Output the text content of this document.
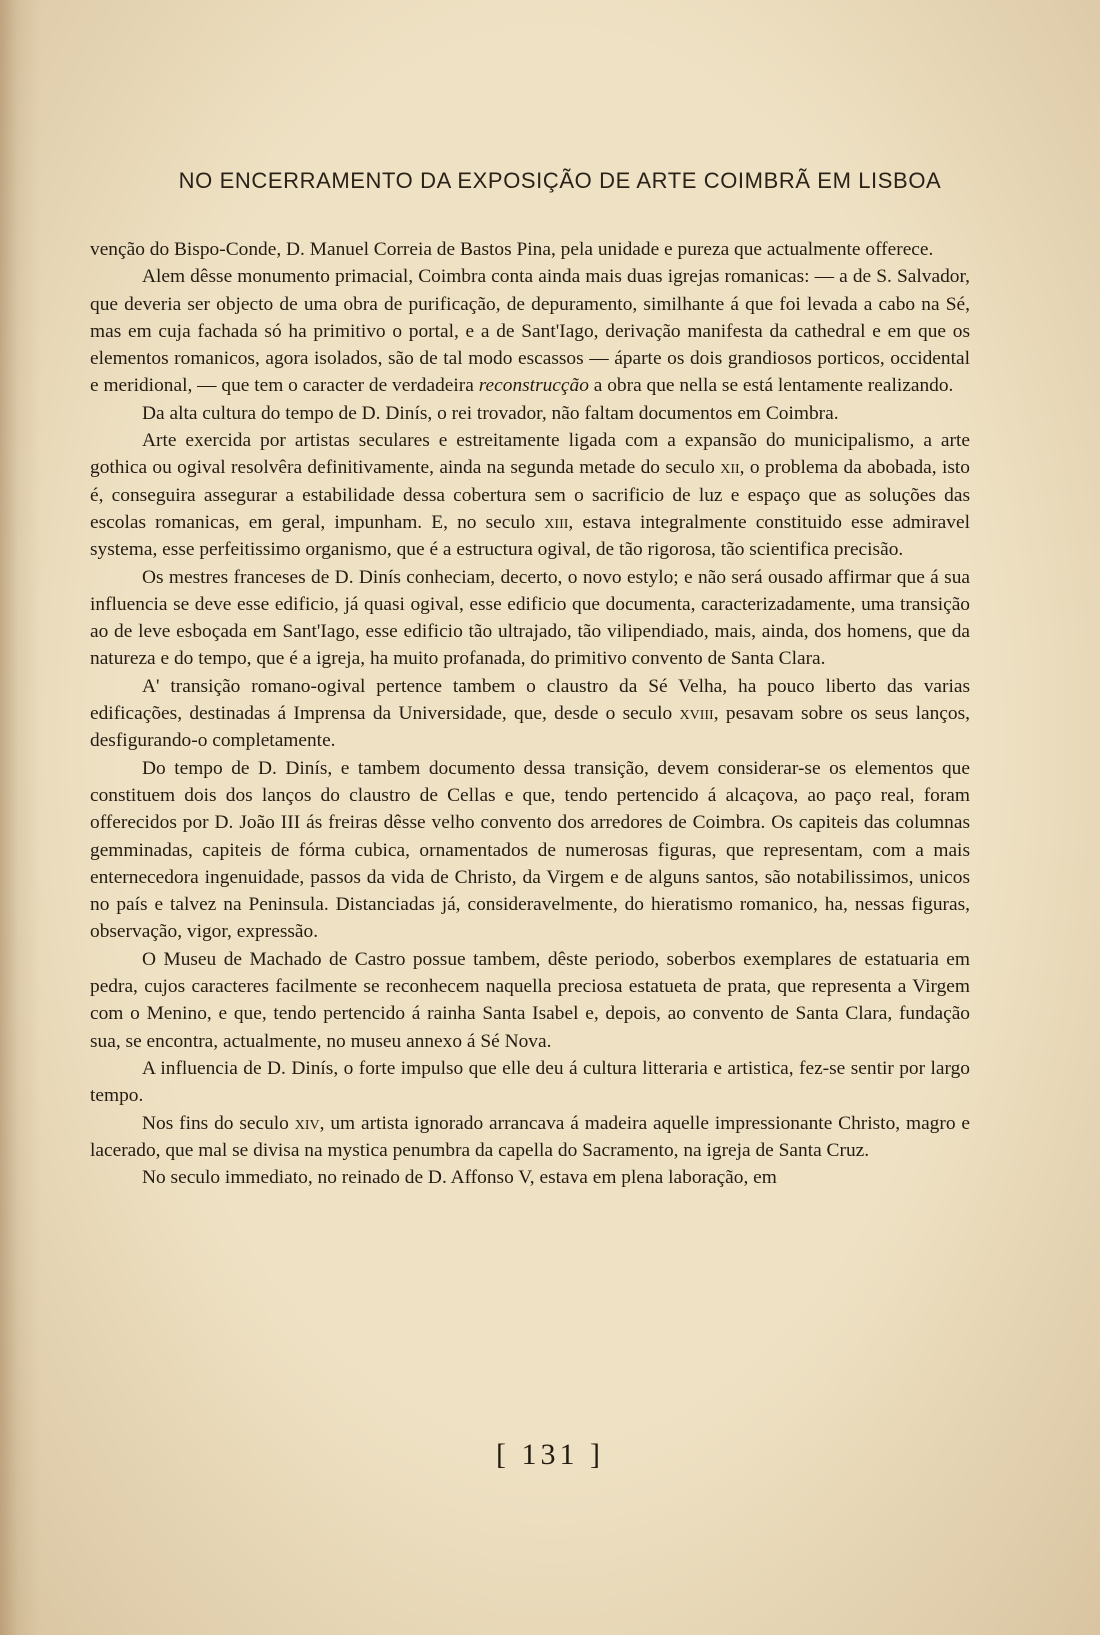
NO ENCERRAMENTO DA EXPOSIÇÃO DE ARTE COIMBRÃ EM LISBOA

venção do Bispo-Conde, D. Manuel Correia de Bastos Pina, pela unidade e pureza que actualmente offerece.

Alem dêsse monumento primacial, Coimbra conta ainda mais duas igrejas romanicas: — a de S. Salvador, que deveria ser objecto de uma obra de purificação, de depuramento, similhante á que foi levada a cabo na Sé, mas em cuja fachada só ha primitivo o portal, e a de Sant'Iago, derivação manifesta da cathedral e em que os elementos romanicos, agora isolados, são de tal modo escassos — áparte os dois grandiosos porticos, occidental e meridional, — que tem o caracter de verdadeira reconstrucção a obra que nella se está lentamente realizando.

Da alta cultura do tempo de D. Dinís, o rei trovador, não faltam documentos em Coimbra.

Arte exercida por artistas seculares e estreitamente ligada com a expansão do municipalismo, a arte gothica ou ogival resolvêra definitivamente, ainda na segunda metade do seculo xii, o problema da abobada, isto é, conseguira assegurar a estabilidade dessa cobertura sem o sacrificio de luz e espaço que as soluções das escolas romanicas, em geral, impunham. E, no seculo xiii, estava integralmente constituido esse admiravel systema, esse perfeitissimo organismo, que é a estructura ogival, de tão rigorosa, tão scientifica precisão.

Os mestres franceses de D. Dinís conheciam, decerto, o novo estylo; e não será ousado affirmar que á sua influencia se deve esse edificio, já quasi ogival, esse edificio que documenta, caracterizadamente, uma transição ao de leve esboçada em Sant'Iago, esse edificio tão ultrajado, tão vilipendiado, mais, ainda, dos homens, que da natureza e do tempo, que é a igreja, ha muito profanada, do primitivo convento de Santa Clara.

A' transição romano-ogival pertence tambem o claustro da Sé Velha, ha pouco liberto das varias edificações, destinadas á Imprensa da Universidade, que, desde o seculo xviii, pesavam sobre os seus lanços, desfigurando-o completamente.

Do tempo de D. Dinís, e tambem documento dessa transição, devem considerar-se os elementos que constituem dois dos lanços do claustro de Cellas e que, tendo pertencido á alcaçova, ao paço real, foram offerecidos por D. João III ás freiras dêsse velho convento dos arredores de Coimbra. Os capiteis das columnas gemminadas, capiteis de fórma cubica, ornamentados de numerosas figuras, que representam, com a mais enternecedora ingenuidade, passos da vida de Christo, da Virgem e de alguns santos, são notabilissimos, unicos no país e talvez na Peninsula. Distanciadas já, consideravelmente, do hieratismo romanico, ha, nessas figuras, observação, vigor, expressão.

O Museu de Machado de Castro possue tambem, dêste periodo, soberbos exemplares de estatuaria em pedra, cujos caracteres facilmente se reconhecem naquella preciosa estatueta de prata, que representa a Virgem com o Menino, e que, tendo pertencido á rainha Santa Isabel e, depois, ao convento de Santa Clara, fundação sua, se encontra, actualmente, no museu annexo á Sé Nova.

A influencia de D. Dinís, o forte impulso que elle deu á cultura litteraria e artistica, fez-se sentir por largo tempo.

Nos fins do seculo xiv, um artista ignorado arrancava á madeira aquelle impressionante Christo, magro e lacerado, que mal se divisa na mystica penumbra da capella do Sacramento, na igreja de Santa Cruz.

No seculo immediato, no reinado de D. Affonso V, estava em plena laboração, em

[ 131 ]
